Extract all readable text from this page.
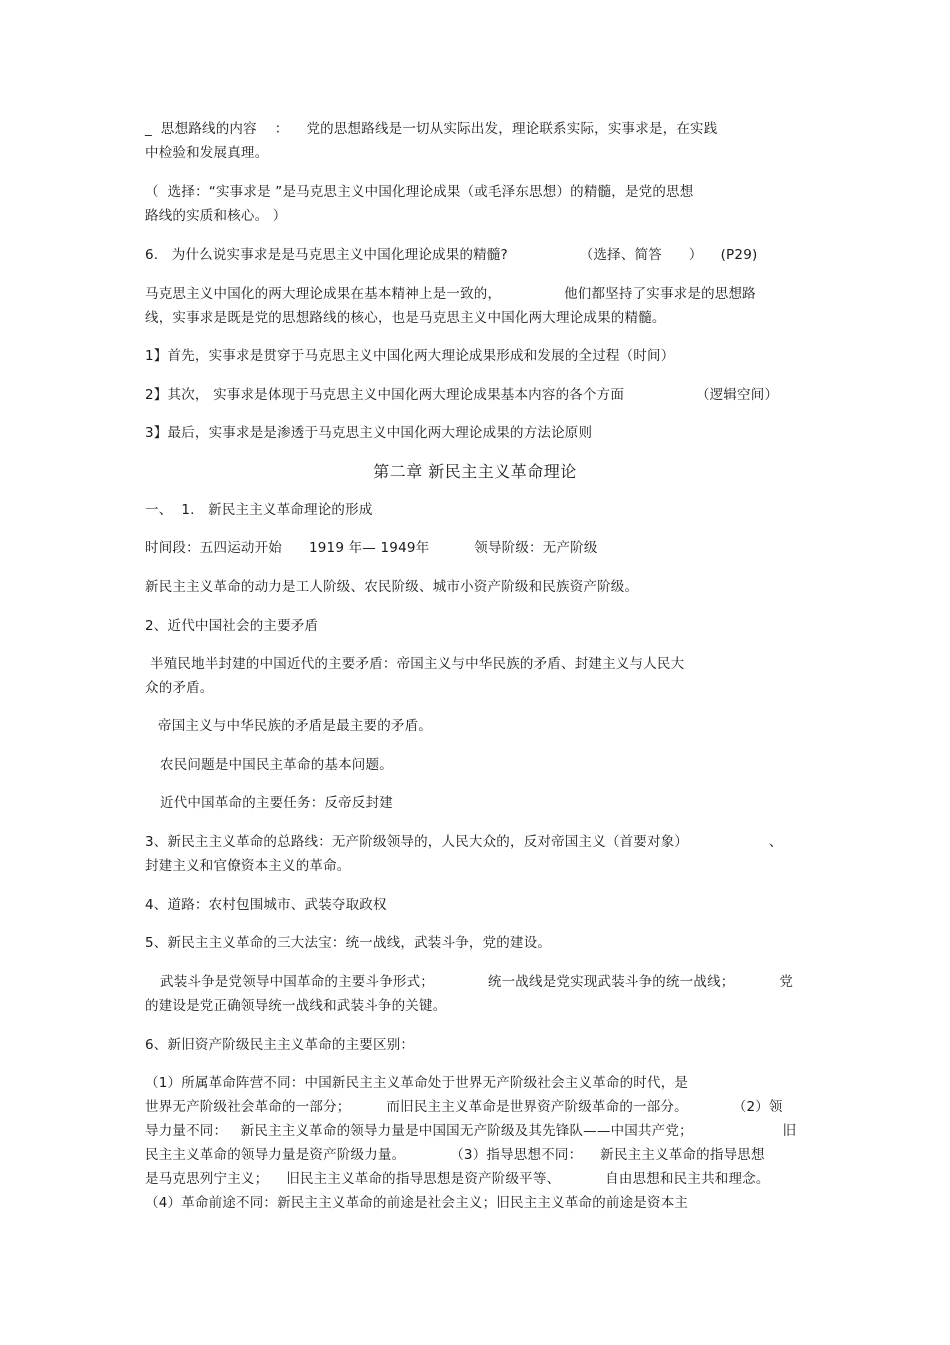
_  思想路线的内容    ：    党的思想路线是一切从实际出发，理论联系实际，实事求是，在实践
中检验和发展真理。
（  选择：“实事求是 ”是马克思主义中国化理论成果（或毛泽东思想）的精髓，是党的思想
路线的实质和核心。 ）
6.   为什么说实事求是是马克思主义中国化理论成果的精髓?                （选择、简答      ）    (P29)
马克思主义中国化的两大理论成果在基本精神上是一致的，              他们都坚持了实事求是的思想路
线，实事求是既是党的思想路线的核心，也是马克思主义中国化两大理论成果的精髓。
1】首先，实事求是贯穿于马克思主义中国化两大理论成果形成和发展的全过程（时间）
2】其次， 实事求是体现于马克思主义中国化两大理论成果基本内容的各个方面                （逻辑空间）
3】最后，实事求是是渗透于马克思主义中国化两大理论成果的方法论原则
第二章 新民主主义革命理论
一、  1.   新民主主义革命理论的形成
时间段：五四运动开始      1919 年— 1949年          领导阶级：无产阶级
新民主主义革命的动力是工人阶级、农民阶级、城市小资产阶级和民族资产阶级。
2、近代中国社会的主要矛盾
半殖民地半封建的中国近代的主要矛盾：帝国主义与中华民族的矛盾、封建主义与人民大
众的矛盾。
帝国主义与中华民族的矛盾是最主要的矛盾。
农民问题是中国民主革命的基本问题。
近代中国革命的主要任务：反帝反封建
3、新民主主义革命的总路线：无产阶级领导的，人民大众的，反对帝国主义（首要对象）                  、
封建主义和官僚资本主义的革命。
4、道路：农村包围城市、武装夺取政权
5、新民主主义革命的三大法宝：统一战线，武装斗争，党的建设。
武装斗争是党领导中国革命的主要斗争形式；            统一战线是党实现武装斗争的统一战线；          党
的建设是党正确领导统一战线和武装斗争的关键。
6、新旧资产阶级民主主义革命的主要区别：
（1）所属革命阵营不同：中国新民主主义革命处于世界无产阶级社会主义革命的时代，是
世界无产阶级社会革命的一部分；        而旧民主主义革命是世界资产阶级革命的一部分。          （2）领
导力量不同：   新民主主义革命的领导力量是中国国无产阶级及其先锋队——中国共产党；                    旧
民主主义革命的领导力量是资产阶级力量。          （3）指导思想不同：    新民主主义革命的指导思想
是马克思列宁主义；    旧民主主义革命的指导思想是资产阶级平等、          自由思想和民主共和理念。
（4）革命前途不同：新民主主义革命的前途是社会主义；旧民主主义革命的前途是资本主
